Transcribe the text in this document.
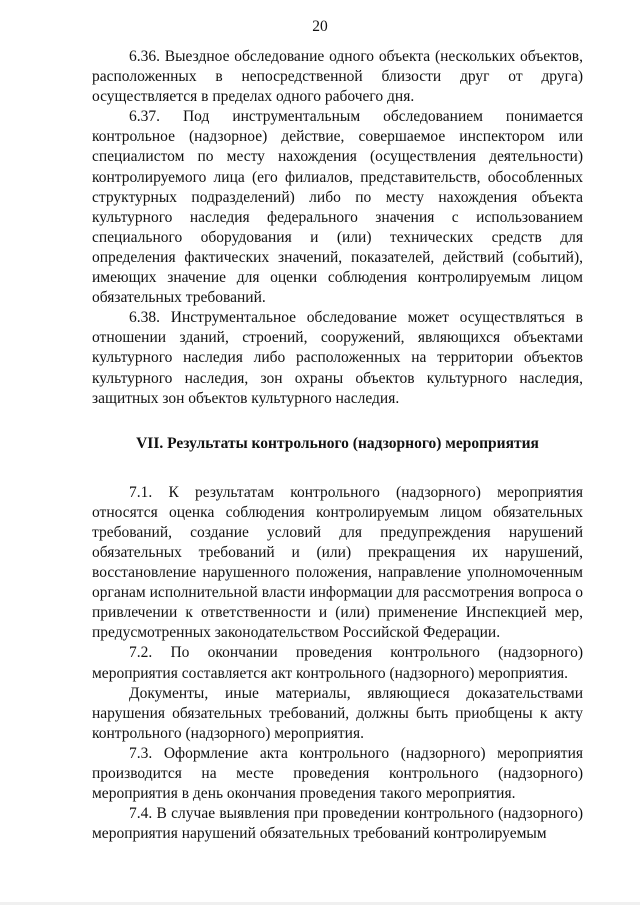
20

6.36. Выездное обследование одного объекта (нескольких объектов, расположенных в непосредственной близости друг от друга) осуществляется в пределах одного рабочего дня.

6.37. Под инструментальным обследованием понимается контрольное (надзорное) действие, совершаемое инспектором или специалистом по месту нахождения (осуществления деятельности) контролируемого лица (его филиалов, представительств, обособленных структурных подразделений) либо по месту нахождения объекта культурного наследия федерального значения с использованием специального оборудования и (или) технических средств для определения фактических значений, показателей, действий (событий), имеющих значение для оценки соблюдения контролируемым лицом обязательных требований.

6.38. Инструментальное обследование может осуществляться в отношении зданий, строений, сооружений, являющихся объектами культурного наследия либо расположенных на территории объектов культурного наследия, зон охраны объектов культурного наследия, защитных зон объектов культурного наследия.

VII. Результаты контрольного (надзорного) мероприятия

7.1. К результатам контрольного (надзорного) мероприятия относятся оценка соблюдения контролируемым лицом обязательных требований, создание условий для предупреждения нарушений обязательных требований и (или) прекращения их нарушений, восстановление нарушенного положения, направление уполномоченным органам исполнительной власти информации для рассмотрения вопроса о привлечении к ответственности и (или) применение Инспекцией мер, предусмотренных законодательством Российской Федерации.

7.2. По окончании проведения контрольного (надзорного) мероприятия составляется акт контрольного (надзорного) мероприятия.

Документы, иные материалы, являющиеся доказательствами нарушения обязательных требований, должны быть приобщены к акту контрольного (надзорного) мероприятия.

7.3. Оформление акта контрольного (надзорного) мероприятия производится на месте проведения контрольного (надзорного) мероприятия в день окончания проведения такого мероприятия.

7.4. В случае выявления при проведении контрольного (надзорного) мероприятия нарушений обязательных требований контролируемым
